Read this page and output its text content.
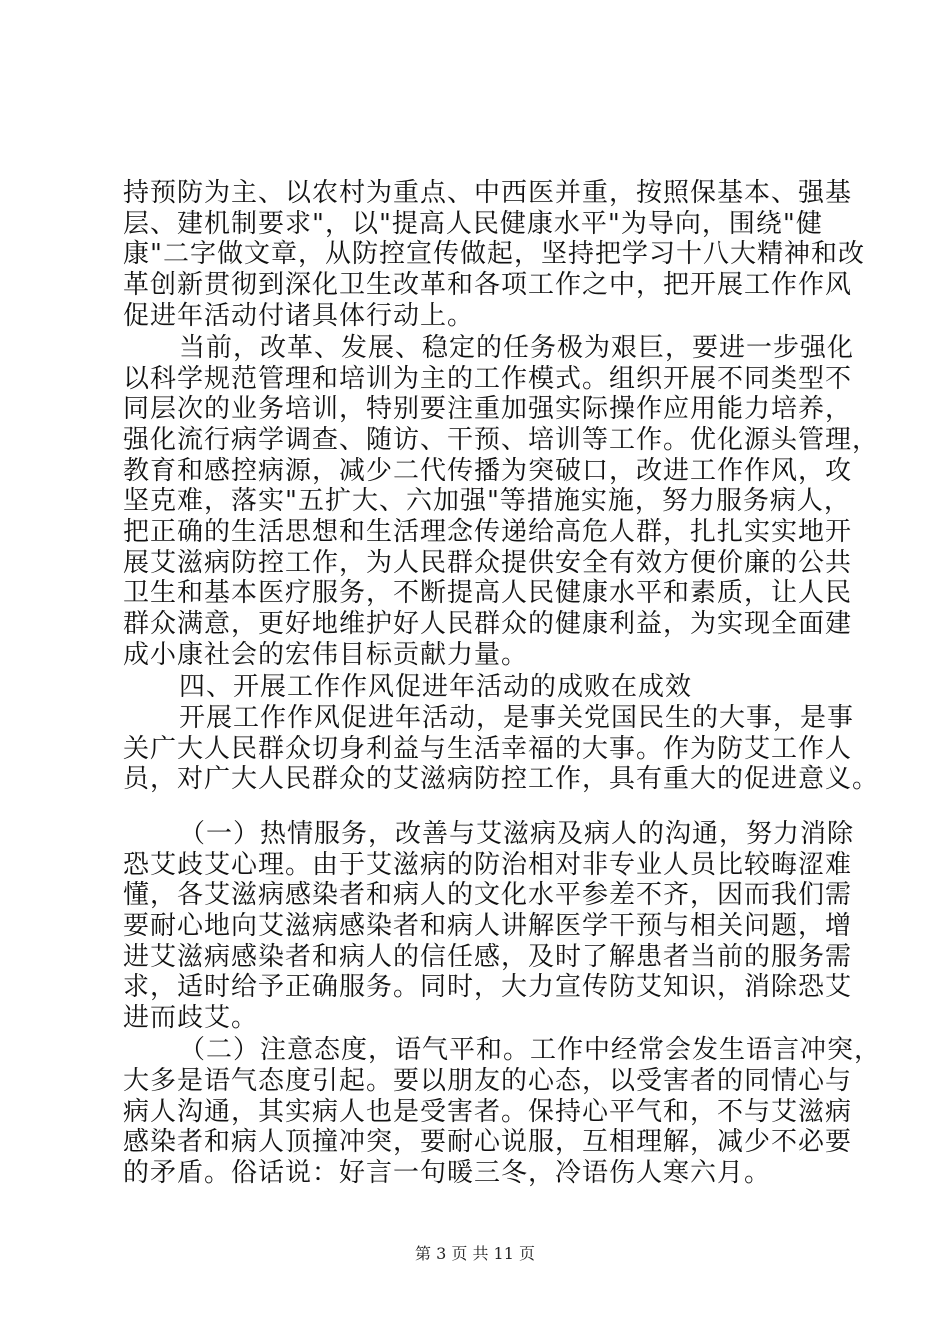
持预防为主、以农村为重点、中西医并重，按照保基本、强基
层、建机制要求"，以"提高人民健康水平"为导向，围绕"健
康"二字做文章，从防控宣传做起，坚持把学习十八大精神和改
革创新贯彻到深化卫生改革和各项工作之中，把开展工作作风
促进年活动付诸具体行动上。
当前，改革、发展、稳定的任务极为艰巨，要进一步强化
以科学规范管理和培训为主的工作模式。组织开展不同类型不
同层次的业务培训，特别要注重加强实际操作应用能力培养，
强化流行病学调查、随访、干预、培训等工作。优化源头管理，
教育和感控病源，减少二代传播为突破口，改进工作作风，攻
坚克难，落实"五扩大、六加强"等措施实施，努力服务病人，
把正确的生活思想和生活理念传递给高危人群，扎扎实实地开
展艾滋病防控工作，为人民群众提供安全有效方便价廉的公共
卫生和基本医疗服务，不断提高人民健康水平和素质，让人民
群众满意，更好地维护好人民群众的健康利益，为实现全面建
成小康社会的宏伟目标贡献力量。
四、开展工作作风促进年活动的成败在成效
开展工作作风促进年活动，是事关党国民生的大事，是事
关广大人民群众切身利益与生活幸福的大事。作为防艾工作人
员，对广大人民群众的艾滋病防控工作，具有重大的促进意义。
（一）热情服务，改善与艾滋病及病人的沟通，努力消除
恐艾歧艾心理。由于艾滋病的防治相对非专业人员比较晦涩难
懂，各艾滋病感染者和病人的文化水平参差不齐，因而我们需
要耐心地向艾滋病感染者和病人讲解医学干预与相关问题，增
进艾滋病感染者和病人的信任感，及时了解患者当前的服务需
求，适时给予正确服务。同时，大力宣传防艾知识，消除恐艾
进而歧艾。
（二）注意态度，语气平和。工作中经常会发生语言冲突，
大多是语气态度引起。要以朋友的心态，以受害者的同情心与
病人沟通，其实病人也是受害者。保持心平气和，不与艾滋病
感染者和病人顶撞冲突，要耐心说服，互相理解，减少不必要
的矛盾。俗话说：好言一句暖三冬，冷语伤人寒六月。
第 3 页 共 11 页
